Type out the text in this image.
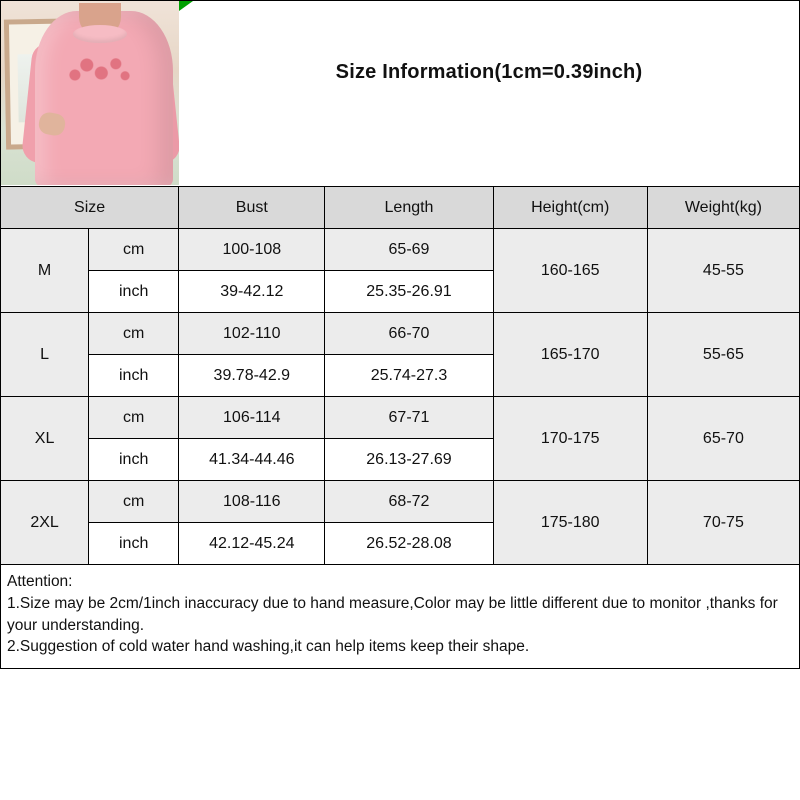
Size Information(1cm=0.39inch)
Size		Bust	Length	Height(cm)	Weight(kg)
M	cm	100-108	65-69	160-165	45-55
	inch	39-42.12	25.35-26.91		
L	cm	102-110	66-70	165-170	55-65
	inch	39.78-42.9	25.74-27.3		
XL	cm	106-114	67-71	170-175	65-70
	inch	41.34-44.46	26.13-27.69		
2XL	cm	108-116	68-72	175-180	70-75
	inch	42.12-45.24	26.52-28.08		

Attention:

1.Size may be 2cm/1inch inaccuracy due to hand measure,Color may be little different due to monitor ,thanks for your understanding.

2.Suggestion of cold water hand washing,it can help items keep their shape.
